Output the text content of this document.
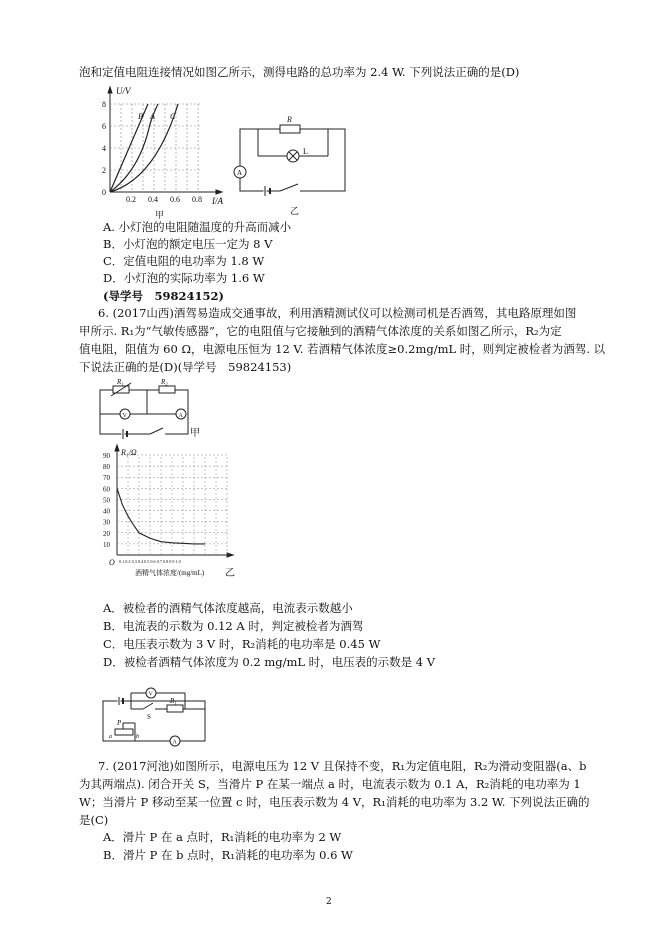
泡和定值电阻连接情况如图乙所示，测得电路的总功率为 2.4 W. 下列说法正确的是(D)
U/V
I/A
8
6
4
2
0
0.2 0.4 0.6 0.8
B A C
甲
R
L
A
乙
A. 小灯泡的电阻随温度的升高而减小
B．小灯泡的额定电压一定为 8 V
C．定值电阻的电功率为 1.8 W
D．小灯泡的实际功率为 1.6 W
(导学号　59824152)
6. (2017山西)酒驾易造成交通事故，利用酒精测试仪可以检测司机是否酒驾，其电路原理如图
甲所示. R₁为“气敏传感器”，它的电阻值与它接触到的酒精气体浓度的关系如图乙所示，R₂为定
值电阻，阻值为 60 Ω，电源电压恒为 12 V. 若酒精气体浓度≥0.2mg/mL 时，则判定被检者为酒驾. 以
下说法正确的是(D)(导学号　59824153)
R₁	R₂
V	A
甲
90
80
70
60
50
40
30
20
10
R₁/Ω
O 0.1 0.2 0.3 0.4 0.5 0.6 0.7 0.8 0.9 1.0
酒精气体浓度/(mg/mL) 乙
A．被检者的酒精气体浓度越高，电流表示数越小
B．电流表的示数为 0.12 A 时，判定被检者为酒驾
C．电压表示数为 3 V 时，R₂消耗的电功率是 0.45 W
D．被检者酒精气体浓度为 0.2 mg/mL 时，电压表的示数是 4 V
V
R₁
S
P
a	b
A
7. (2017河池)如图所示，电源电压为 12 V 且保持不变，R₁为定值电阻，R₂为滑动变阻器(a、b
为其两端点). 闭合开关 S，当滑片 P 在某一端点 a 时，电流表示数为 0.1 A，R₂消耗的电功率为 1
W；当滑片 P 移动至某一位置 c 时，电压表示数为 4 V，R₁消耗的电功率为 3.2 W. 下列说法正确的
是(C)
A．滑片 P 在 a 点时，R₁消耗的电功率为 2 W
B．滑片 P 在 b 点时，R₁消耗的电功率为 0.6 W
2
